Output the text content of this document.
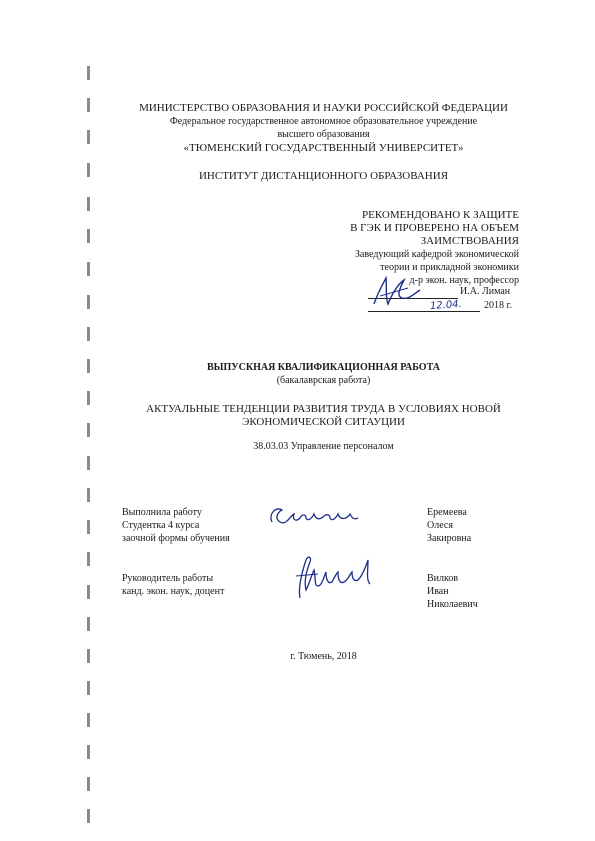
МИНИСТЕРСТВО ОБРАЗОВАНИЯ И НАУКИ РОССИЙСКОЙ ФЕДЕРАЦИИ
Федеральное государственное автономное образовательное учреждение
высшего образования
«ТЮМЕНСКИЙ ГОСУДАРСТВЕННЫЙ УНИВЕРСИТЕТ»
ИНСТИТУТ ДИСТАНЦИОННОГО ОБРАЗОВАНИЯ
РЕКОМЕНДОВАНО К ЗАЩИТЕ
В ГЭК И ПРОВЕРЕНО НА ОБЪЕМ
ЗАИМСТВОВАНИЯ
Заведующий кафедрой экономической
теории и прикладной экономики
д-р экон. наук, профессор
И.А. Лиман
12.04. 2018 г.
ВЫПУСКНАЯ КВАЛИФИКАЦИОННАЯ РАБОТА
(бакалаврская работа)
АКТУАЛЬНЫЕ ТЕНДЕНЦИИ РАЗВИТИЯ ТРУДА В УСЛОВИЯХ НОВОЙ
ЭКОНОМИЧЕСКОЙ СИТАУЦИИ
38.03.03 Управление персоналом
Выполнила работу
Студентка 4 курса
заочной формы обучения
Еремеева
Олеся
Закировна
Руководитель работы
канд. экон. наук, доцент
Вилков
Иван
Николаевич
г. Тюмень, 2018
